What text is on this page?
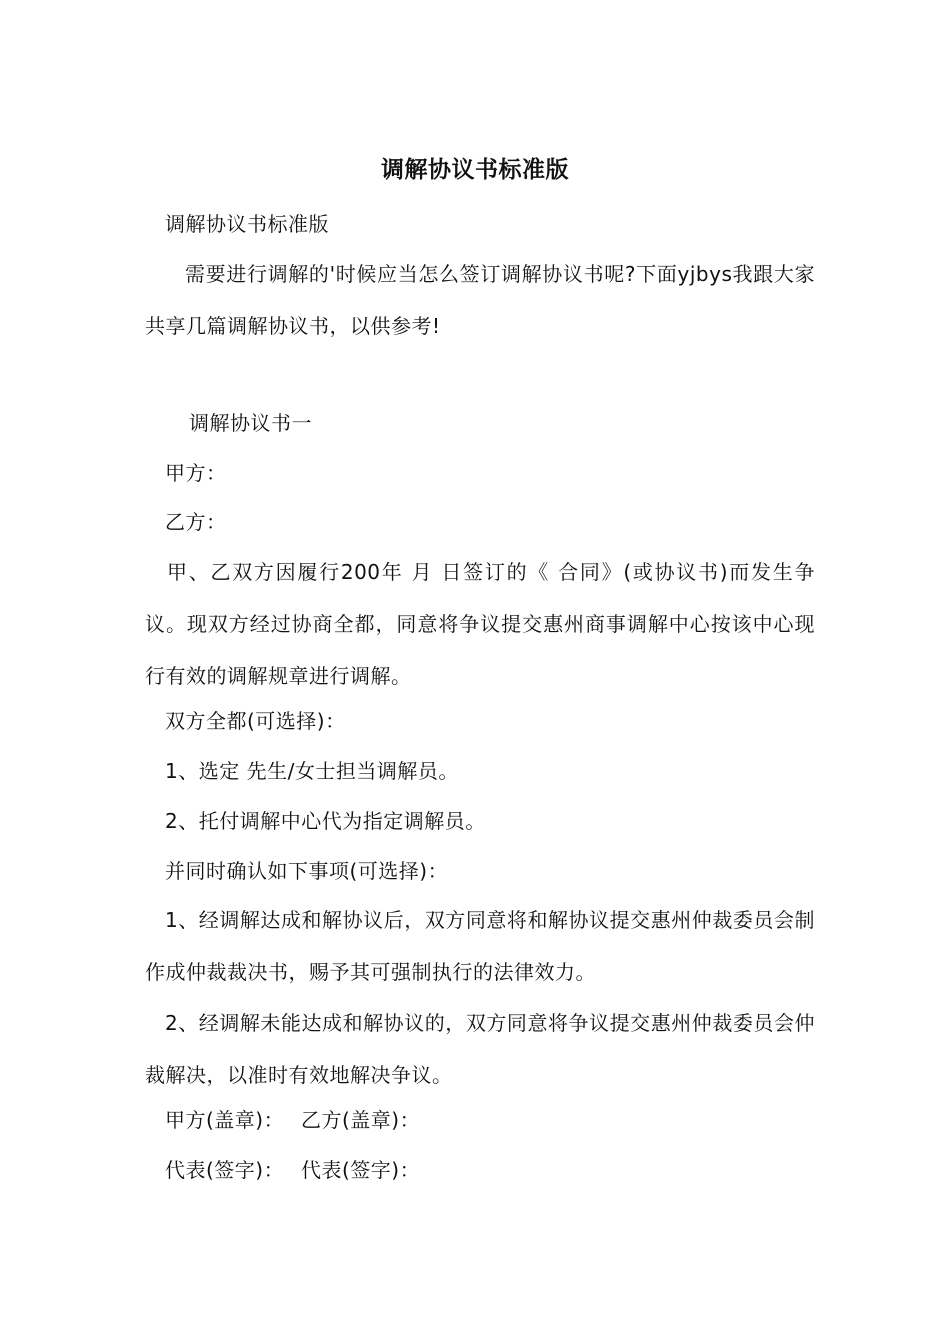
调解协议书标准版
调解协议书标准版
需要进行调解的'时候应当怎么签订调解协议书呢?下面yjbys我跟大家共享几篇调解协议书，以供参考!
调解协议书一
甲方：
乙方：
甲、乙双方因履行200年 月 日签订的《 合同》(或协议书)而发生争议。现双方经过协商全都，同意将争议提交惠州商事调解中心按该中心现行有效的调解规章进行调解。
双方全都(可选择)：
1、选定 先生/女士担当调解员。
2、托付调解中心代为指定调解员。
并同时确认如下事项(可选择)：
1、经调解达成和解协议后，双方同意将和解协议提交惠州仲裁委员会制作成仲裁裁决书，赐予其可强制执行的法律效力。
2、经调解未能达成和解协议的，双方同意将争议提交惠州仲裁委员会仲裁解决，以准时有效地解决争议。
甲方(盖章)： 乙方(盖章)：
代表(签字)： 代表(签字)：
